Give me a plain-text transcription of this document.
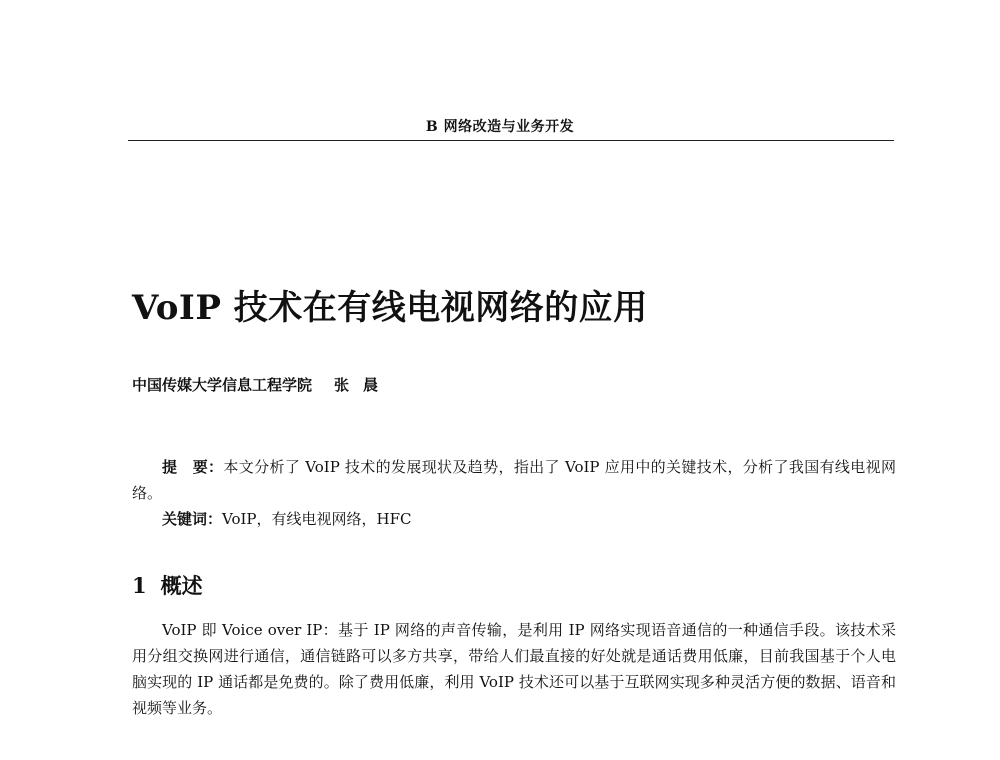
B 网络改造与业务开发
VoIP 技术在有线电视网络的应用
中国传媒大学信息工程学院 张晨

提　要：本文分析了 VoIP 技术的发展现状及趋势，指出了 VoIP 应用中的关键技术，分析了我国有线电视网络。

关键词：VoIP，有线电视网络，HFC

1 概述

VoIP 即 Voice over IP：基于 IP 网络的声音传输，是利用 IP 网络实现语音通信的一种通信手段。该技术采用分组交换网进行通信，通信链路可以多方共享，带给人们最直接的好处就是通话费用低廉，目前我国基于个人电脑实现的 IP 通话都是免费的。除了费用低廉，利用 VoIP 技术还可以基于互联网实现多种灵活方便的数据、语音和视频等业务。
